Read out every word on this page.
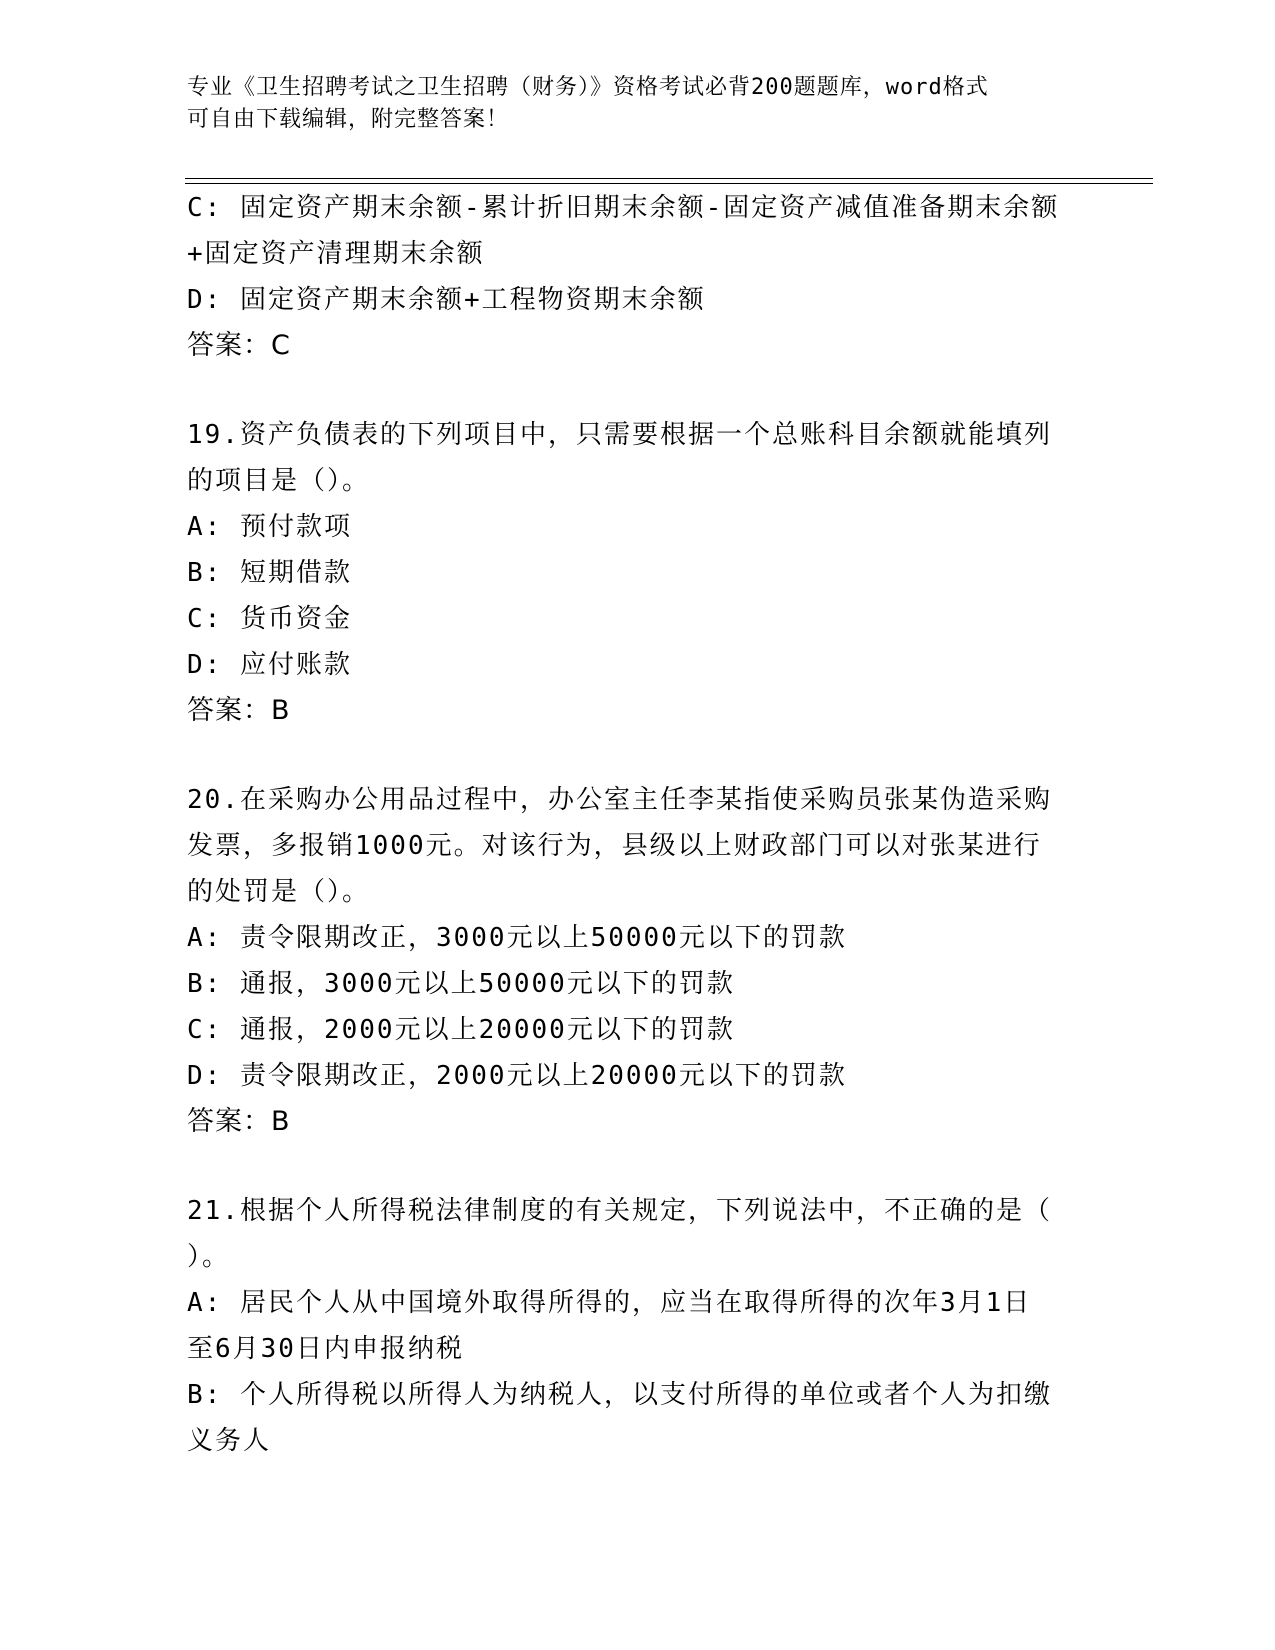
专业《卫生招聘考试之卫生招聘（财务）》资格考试必背200题题库，word格式
可自由下载编辑，附完整答案！
C: 固定资产期末余额-累计折旧期末余额-固定资产减值准备期末余额
+固定资产清理期末余额
D: 固定资产期末余额+工程物资期末余额
答案：C
19.资产负债表的下列项目中，只需要根据一个总账科目余额就能填列
的项目是（）。
A: 预付款项
B: 短期借款
C: 货币资金
D: 应付账款
答案：B
20.在采购办公用品过程中，办公室主任李某指使采购员张某伪造采购
发票，多报销1000元。对该行为，县级以上财政部门可以对张某进行
的处罚是（）。
A: 责令限期改正，3000元以上50000元以下的罚款
B: 通报，3000元以上50000元以下的罚款
C: 通报，2000元以上20000元以下的罚款
D: 责令限期改正，2000元以上20000元以下的罚款
答案：B
21.根据个人所得税法律制度的有关规定，下列说法中，不正确的是（
）。
A: 居民个人从中国境外取得所得的，应当在取得所得的次年3月1日
至6月30日内申报纳税
B: 个人所得税以所得人为纳税人，以支付所得的单位或者个人为扣缴
义务人
